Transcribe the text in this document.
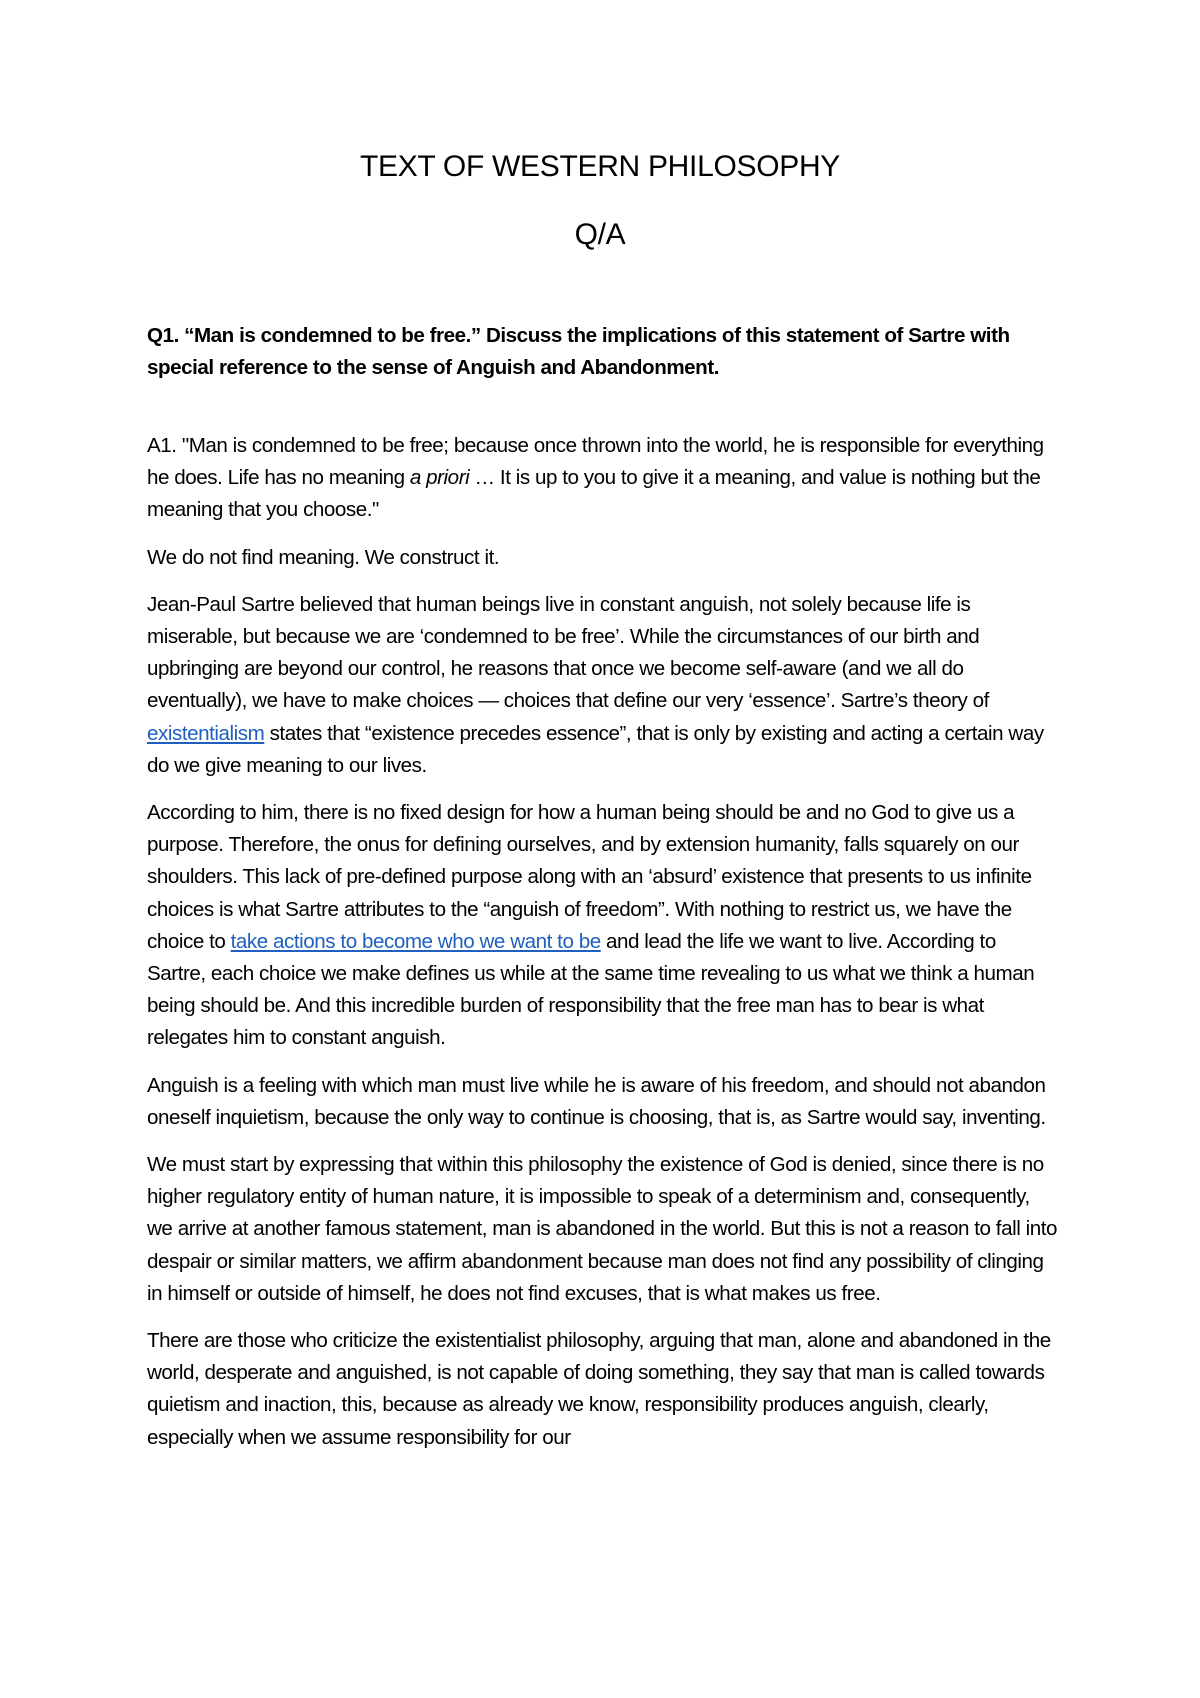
TEXT OF WESTERN PHILOSOPHY
Q/A

Q1. “Man is condemned to be free.” Discuss the implications of this statement of Sartre with special reference to the sense of Anguish and Abandonment.

A1. "Man is condemned to be free; because once thrown into the world, he is responsible for everything he does. Life has no meaning a priori … It is up to you to give it a meaning, and value is nothing but the meaning that you choose."

We do not find meaning. We construct it.

Jean-Paul Sartre believed that human beings live in constant anguish, not solely because life is miserable, but because we are ‘condemned to be free’. While the circumstances of our birth and upbringing are beyond our control, he reasons that once we become self-aware (and we all do eventually), we have to make choices — choices that define our very ‘essence’. Sartre’s theory of existentialism states that “existence precedes essence”, that is only by existing and acting a certain way do we give meaning to our lives.

According to him, there is no fixed design for how a human being should be and no God to give us a purpose. Therefore, the onus for defining ourselves, and by extension humanity, falls squarely on our shoulders. This lack of pre-defined purpose along with an ‘absurd’ existence that presents to us infinite choices is what Sartre attributes to the “anguish of freedom”. With nothing to restrict us, we have the choice to take actions to become who we want to be and lead the life we want to live. According to Sartre, each choice we make defines us while at the same time revealing to us what we think a human being should be. And this incredible burden of responsibility that the free man has to bear is what relegates him to constant anguish.

Anguish is a feeling with which man must live while he is aware of his freedom, and should not abandon oneself inquietism, because the only way to continue is choosing, that is, as Sartre would say, inventing.

We must start by expressing that within this philosophy the existence of God is denied, since there is no higher regulatory entity of human nature, it is impossible to speak of a determinism and, consequently, we arrive at another famous statement, man is abandoned in the world. But this is not a reason to fall into despair or similar matters, we affirm abandonment because man does not find any possibility of clinging in himself or outside of himself, he does not find excuses, that is what makes us free.

There are those who criticize the existentialist philosophy, arguing that man, alone and abandoned in the world, desperate and anguished, is not capable of doing something, they say that man is called towards quietism and inaction, this, because as already we know, responsibility produces anguish, clearly, especially when we assume responsibility for our
